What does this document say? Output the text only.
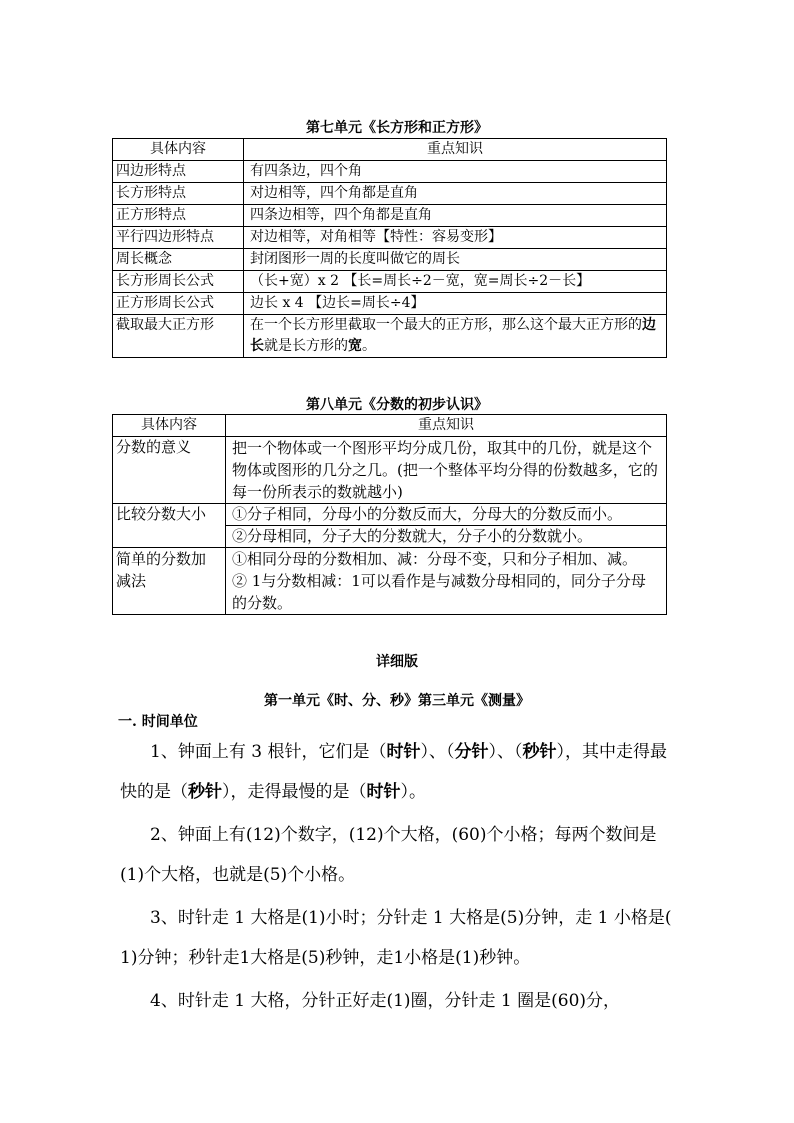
第七单元《长方形和正方形》
具体内容	重点知识
四边形特点	有四条边，四个角
长方形特点	对边相等，四个角都是直角
正方形特点	四条边相等，四个角都是直角
平行四边形特点	对边相等，对角相等【特性：容易变形】
周长概念	封闭图形一周的长度叫做它的周长
长方形周长公式	（长+宽）x 2 【长=周长÷2－宽，宽=周长÷2－长】
正方形周长公式	边长 x 4 【边长=周长÷4】
截取最大正方形	在一个长方形里截取一个最大的正方形，那么这个最大正方形的边长就是长方形的宽。
第八单元《分数的初步认识》
具体内容	重点知识
分数的意义	把一个物体或一个图形平均分成几份，取其中的几份，就是这个物体或图形的几分之几。(把一个整体平均分得的份数越多，它的每一份所表示的数就越小)
比较分数大小	①分子相同，分母小的分数反而大，分母大的分数反而小。
	②分母相同，分子大的分数就大，分子小的分数就小。
简单的分数加减法	①相同分母的分数相加、减：分母不变，只和分子相加、减。
② 1与分数相减：1可以看作是与减数分母相同的，同分子分母的分数。
详细版
第一单元《时、分、秒》第三单元《测量》
一. 时间单位
1、钟面上有 3 根针，它们是（时针）、（分针）、（秒针），其中走得最快的是（秒针），走得最慢的是（时针）。
2、钟面上有(12)个数字，(12)个大格，(60)个小格；每两个数间是(1)个大格，也就是(5)个小格。
3、时针走 1 大格是(1)小时；分针走 1 大格是(5)分钟，走 1 小格是( 1)分钟；秒针走1大格是(5)秒钟，走1小格是(1)秒钟。
4、时针走 1 大格，分针正好走(1)圈，分针走 1 圈是(60)分，
